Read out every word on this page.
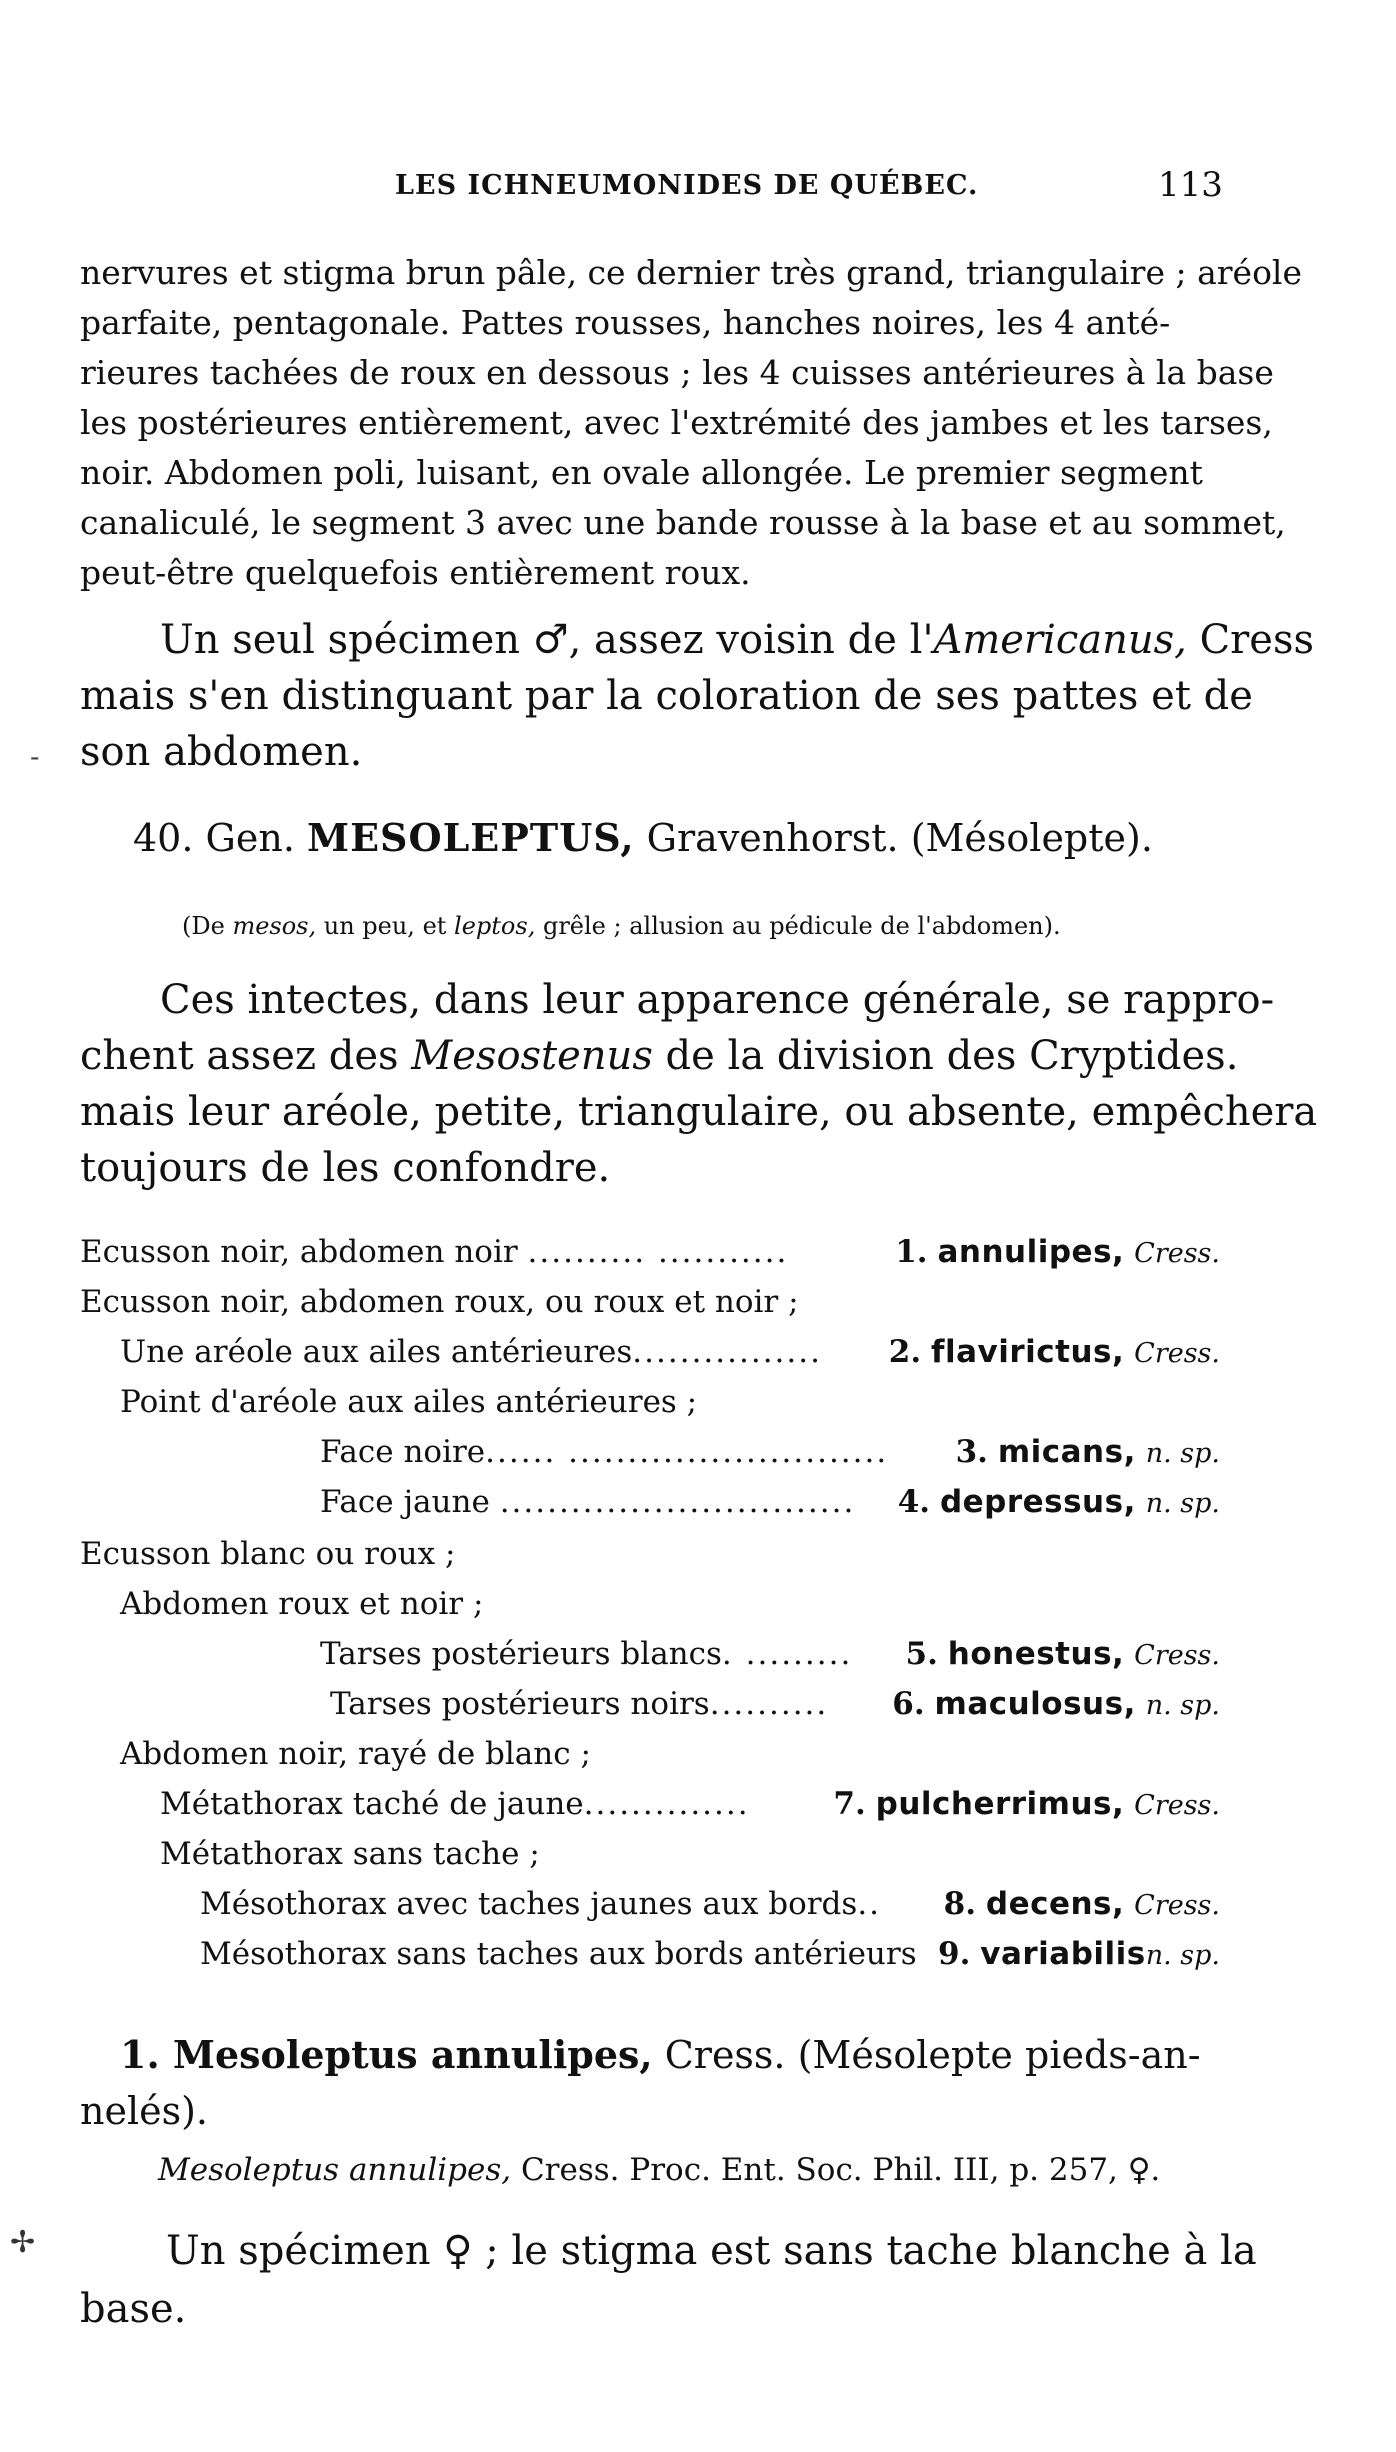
LES ICHNEUMONIDES DE QUÉBEC.	113
nervures et stigma brun pâle, ce dernier très grand, triangulaire ; aréole
parfaite, pentagonale. Pattes rousses, hanches noires, les 4 anté-
rieures tachées de roux en dessous ; les 4 cuisses antérieures à la base
les postérieures entièrement, avec l'extrémité des jambes et les tarses,
noir. Abdomen poli, luisant, en ovale allongée. Le premier segment
canaliculé, le segment 3 avec une bande rousse à la base et au sommet,
peut-être quelquefois entièrement roux.
Un seul spécimen ♂, assez voisin de l'Americanus, Cress
mais s'en distinguant par la coloration de ses pattes et de
son abdomen.
-
40. Gen. MESOLEPTUS, Gravenhorst. (Mésolepte).
(De mesos, un peu, et leptos, grêle ; allusion au pédicule de l'abdomen).
Ces intectes, dans leur apparence générale, se rappro-
chent assez des Mesostenus de la division des Cryptides.
mais leur aréole, petite, triangulaire, ou absente, empêchera
toujours de les confondre.
Ecusson noir, abdomen noir .......... ...........	1. annulipes, Cress.
Ecusson noir, abdomen roux, ou roux et noir ;
Une aréole aux ailes antérieures................ 2. flavirictus, Cress.
Point d'aréole aux ailes antérieures ;
Face noire...... ........................... 3. micans, n. sp.
Face jaune .............................. 4. depressus, n. sp.
Ecusson blanc ou roux ;
Abdomen roux et noir ;
Tarses postérieurs blancs. ......... 5. honestus, Cress.
Tarses postérieurs noirs.......... 6. maculosus, n. sp.
Abdomen noir, rayé de blanc ;
Métathorax taché de jaune..............	7. pulcherrimus, Cress.
Métathorax sans tache ;
Mésothorax avec taches jaunes aux bords.. 8. decens, Cress.
Mésothorax sans taches aux bords antérieurs 9. variabilisn. sp.
1. Mesoleptus annulipes, Cress. (Mésolepte pieds-an-
nelés).
Mesoleptus annulipes, Cress. Proc. Ent. Soc. Phil. III, p. 257, ♀.
Un spécimen ♀ ; le stigma est sans tache blanche à la
base.
✢
